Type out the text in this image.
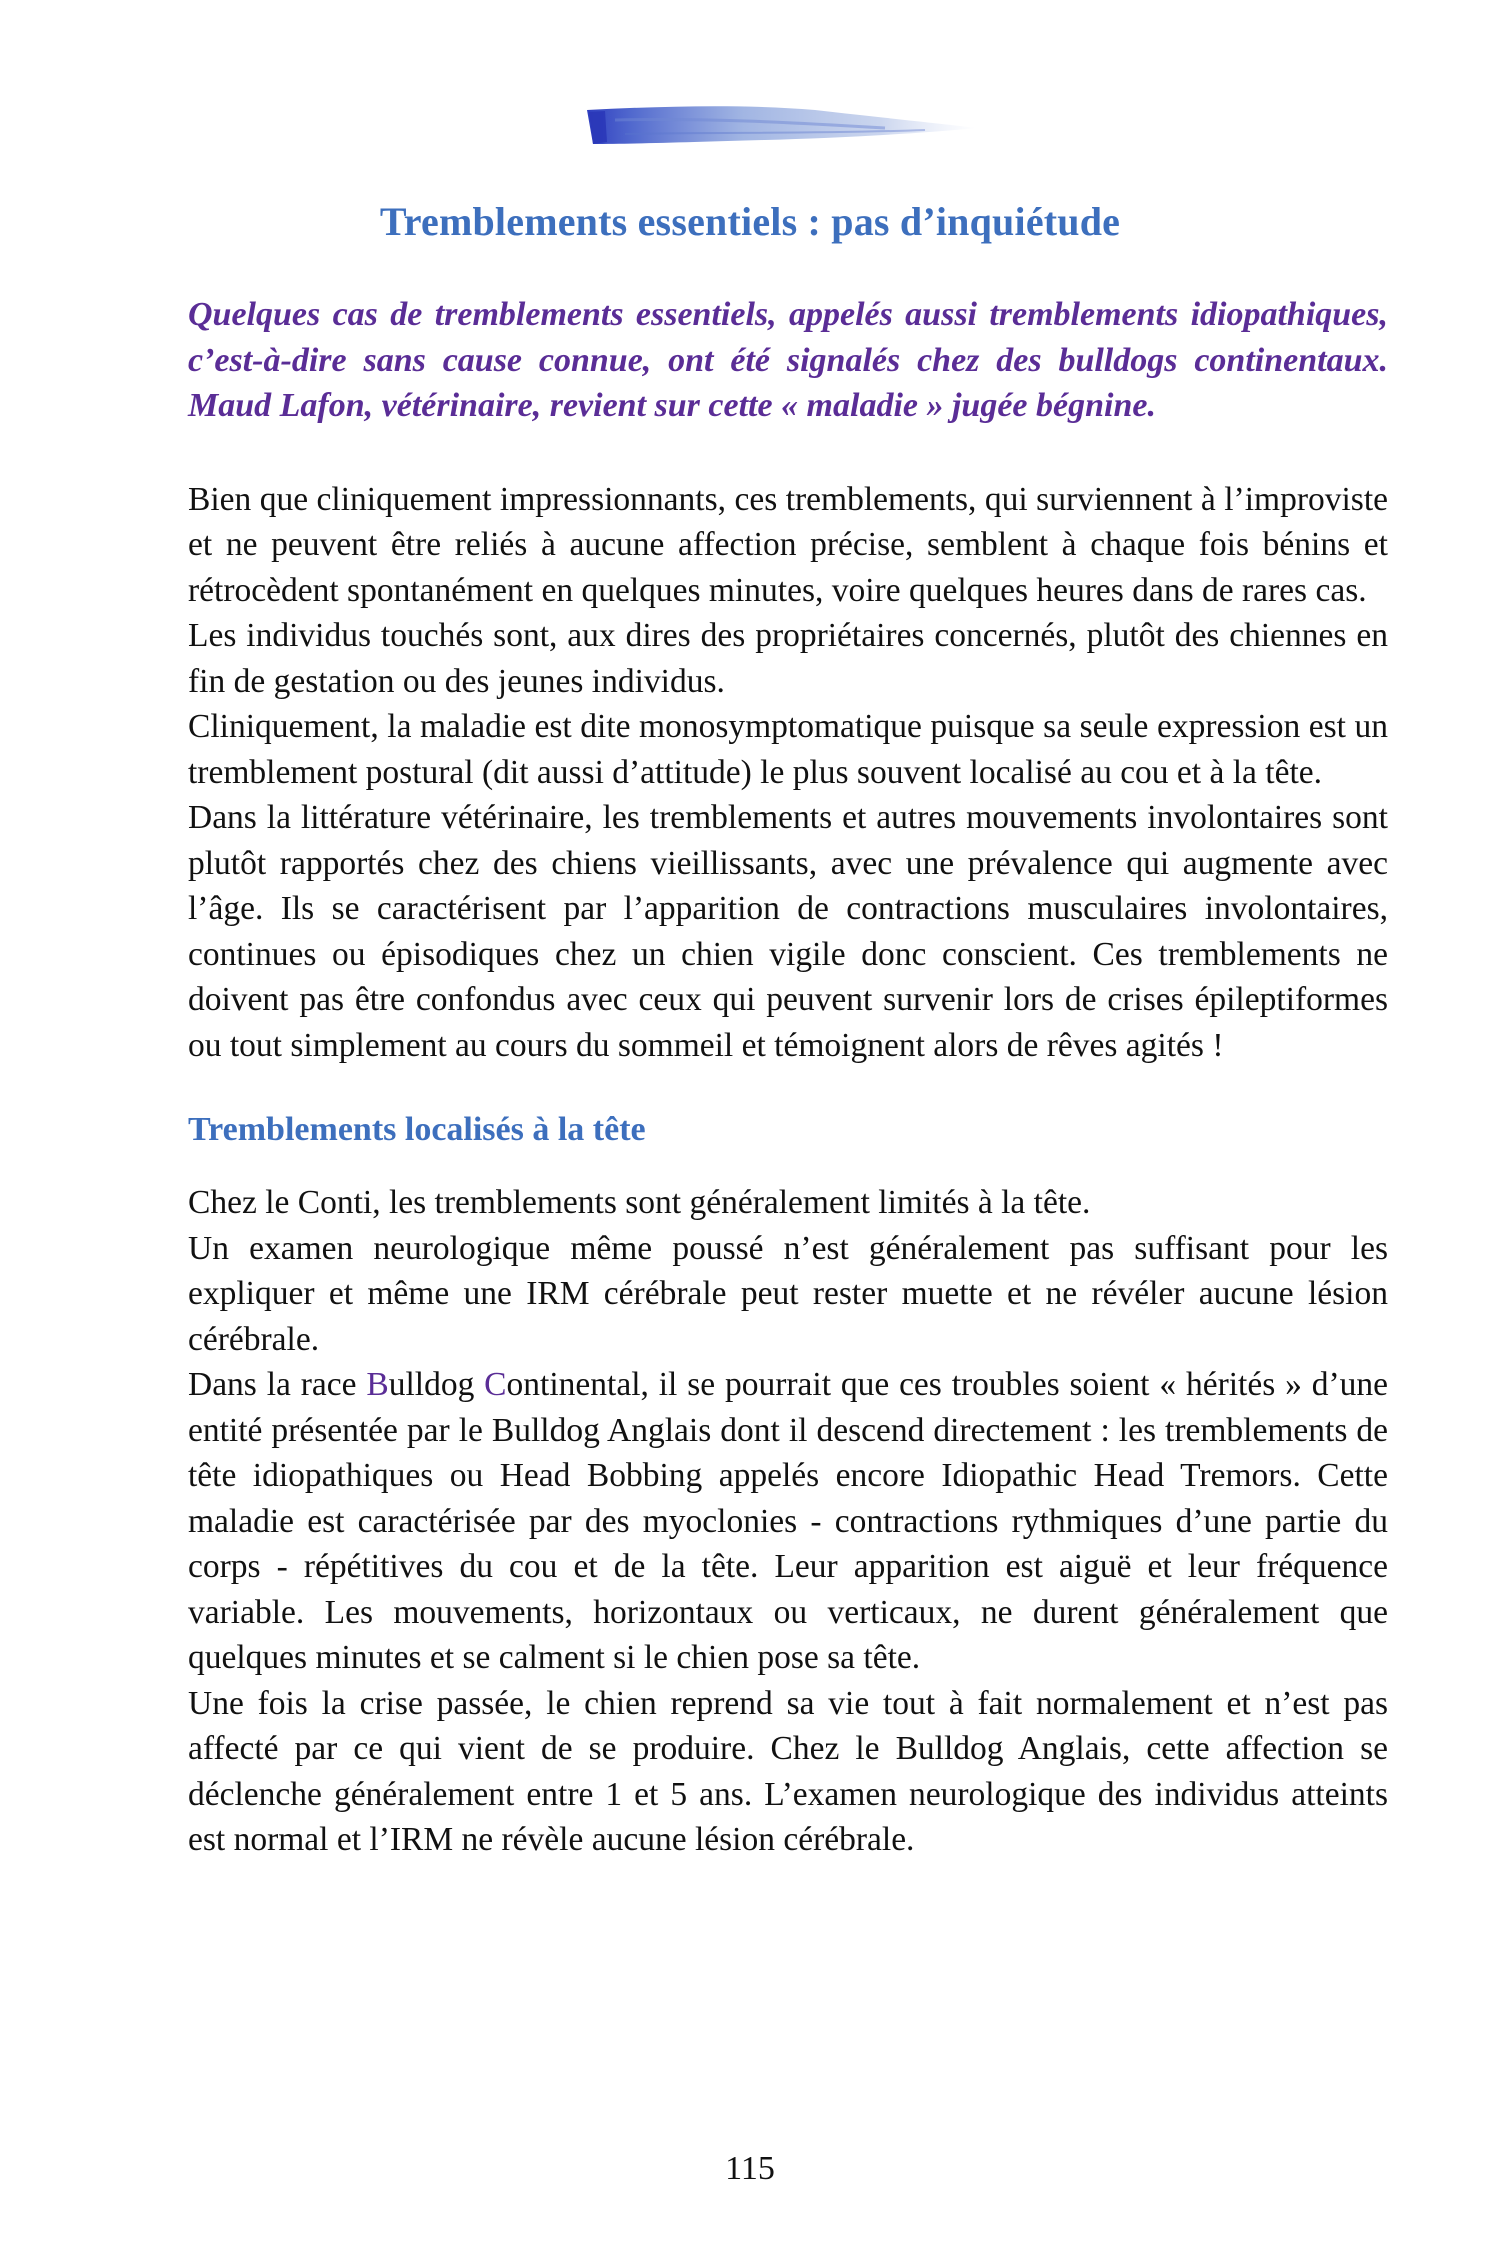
Tremblements essentiels : pas d’inquiétude

Quelques cas de tremblements essentiels, appelés aussi tremblements idiopathiques, c’est-à-dire sans cause connue, ont été signalés chez des bulldogs continentaux. Maud Lafon, vétérinaire, revient sur cette « maladie » jugée bégnine.

Bien que cliniquement impressionnants, ces tremblements, qui surviennent à l’improviste et ne peuvent être reliés à aucune affection précise, semblent à chaque fois bénins et rétrocèdent spontanément en quelques minutes, voire quelques heures dans de rares cas.

Les individus touchés sont, aux dires des propriétaires concernés, plutôt des chiennes en fin de gestation ou des jeunes individus.

Cliniquement, la maladie est dite monosymptomatique puisque sa seule expression est un tremblement postural (dit aussi d’attitude) le plus souvent localisé au cou et à la tête.

Dans la littérature vétérinaire, les tremblements et autres mouvements involontaires sont plutôt rapportés chez des chiens vieillissants, avec une prévalence qui augmente avec l’âge. Ils se caractérisent par l’apparition de contractions musculaires involontaires, continues ou épisodiques chez un chien vigile donc conscient. Ces tremblements ne doivent pas être confondus avec ceux qui peuvent survenir lors de crises épileptiformes ou tout simplement au cours du sommeil et témoignent alors de rêves agités !

Tremblements localisés à la tête

Chez le Conti, les tremblements sont généralement limités à la tête.

Un examen neurologique même poussé n’est généralement pas suffisant pour les expliquer et même une IRM cérébrale peut rester muette et ne révéler aucune lésion cérébrale.

Dans la race Bulldog Continental, il se pourrait que ces troubles soient « hérités » d’une entité présentée par le Bulldog Anglais dont il descend directement : les tremblements de tête idiopathiques ou Head Bobbing appelés encore Idiopathic Head Tremors. Cette maladie est caractérisée par des myoclonies - contractions rythmiques d’une partie du corps - répétitives du cou et de la tête. Leur apparition est aiguë et leur fréquence variable. Les mouvements, horizontaux ou verticaux, ne durent généralement que quelques minutes et se calment si le chien pose sa tête.

Une fois la crise passée, le chien reprend sa vie tout à fait normalement et n’est pas affecté par ce qui vient de se produire. Chez le Bulldog Anglais, cette affection se déclenche généralement entre 1 et 5 ans. L’examen neurologique des individus atteints est normal et l’IRM ne révèle aucune lésion cérébrale.

115
